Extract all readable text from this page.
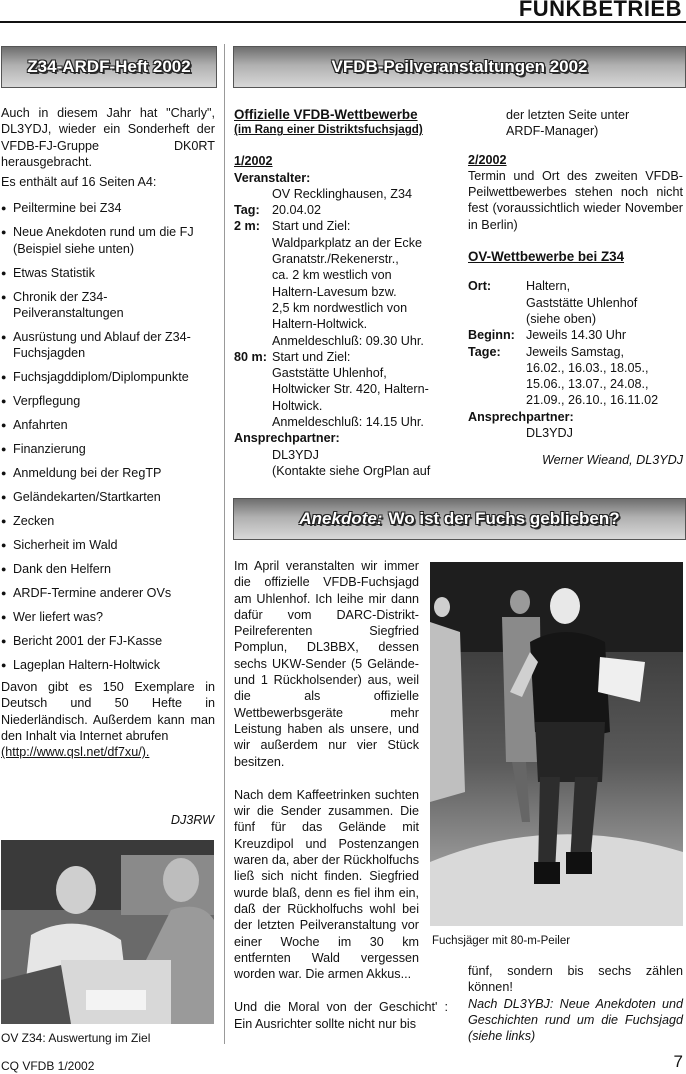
FUNKBETRIEB
Z34-ARDF-Heft 2002

Auch in diesem Jahr hat "Charly", DL3YDJ, wieder ein Sonderheft der VFDB-FJ-Gruppe DK0RT herausgebracht.

Es enthält auf 16 Seiten A4:

● Peiltermine bei Z34
● Neue Anekdoten rund um die FJ (Beispiel siehe unten)
● Etwas Statistik
● Chronik der Z34- Peilveranstaltungen
● Ausrüstung und Ablauf der Z34-Fuchsjagden
● Fuchsjagddiplom/Diplompunkte
● Verpflegung
● Anfahrten
● Finanzierung
● Anmeldung bei der RegTP
● Geländekarten/Startkarten
● Zecken
● Sicherheit im Wald
● Dank den Helfern
● ARDF-Termine anderer OVs
● Wer liefert was?
● Bericht 2001 der FJ-Kasse
● Lageplan Haltern-Holtwick

Davon gibt es 150 Exemplare in Deutsch und 50 Hefte in Niederländisch. Außerdem kann man den Inhalt via Internet abrufen

(http://www.qsl.net/df7xu/).

DJ3RW
OV Z34: Auswertung im Ziel
VFDB-Peilveranstaltungen 2002

Offizielle VFDB-Wettbewerbe

(im Rang einer Distriktsfuchsjagd)

1/2002

Veranstalter:

OV Recklinghausen, Z34

Tag: 20.04.02
2 m: Start und Ziel:

Waldparkplatz an der Ecke

Granatstr./Rekenerstr.,

ca. 2 km westlich von

Haltern-Lavesum bzw.

2,5 km nordwestlich von

Haltern-Holtwick.

Anmeldeschluß: 09.30 Uhr.

80 m: Start und Ziel:

Gaststätte Uhlenhof,

Holtwicker Str. 420, Haltern-

Holtwick.

Anmeldeschluß: 14.15 Uhr.

Ansprechpartner:

DL3YDJ

(Kontakte siehe OrgPlan auf

der letzten Seite unter

ARDF-Manager)

2/2002

Termin und Ort des zweiten VFDB-Peilwettbewerbes stehen noch nicht fest (voraussichtlich wieder November in Berlin)

OV-Wettbewerbe bei Z34

Ort:	Haltern,

Gaststätte Uhlenhof

(siehe oben)

Beginn: Jeweils 14.30 Uhr
Tage:	Jeweils Samstag,

16.02., 16.03., 18.05.,

15.06., 13.07., 24.08.,

21.09., 26.10., 16.11.02

Ansprechpartner:

DL3YDJ

Werner Wieand, DL3YDJ

Anekdote: Wo ist der Fuchs geblieben?

Im April veranstalten wir immer die offizielle VFDB-Fuchsjagd am Uhlenhof. Ich leihe mir dann dafür vom DARC-Distrikt-Peilreferenten Siegfried Pomplun, DL3BBX, dessen sechs UKW-Sender (5 Gelände- und 1 Rückholsender) aus, weil die als offizielle Wettbewerbsgeräte mehr Leistung haben als unsere, und wir außerdem nur vier Stück besitzen.

Nach dem Kaffeetrinken suchten wir die Sender zusammen. Die fünf für das Gelände mit Kreuzdipol und Postenzangen waren da, aber der Rückholfuchs ließ sich nicht finden. Siegfried wurde blaß, denn es fiel ihm ein, daß der Rückholfuchs wohl bei der letzten Peilveranstaltung vor einer Woche im 30 km entfernten Wald vergessen worden war. Die armen Akkus...

Und die Moral von der Geschicht' : Ein Ausrichter sollte nicht nur bis

Fuchsjäger mit 80-m-Peiler

fünf, sondern bis sechs zählen können!

Nach DL3YBJ: Neue Anekdoten und Geschichten rund um die Fuchsjagd (siehe links)

CQ VFDB 1/2002	7
